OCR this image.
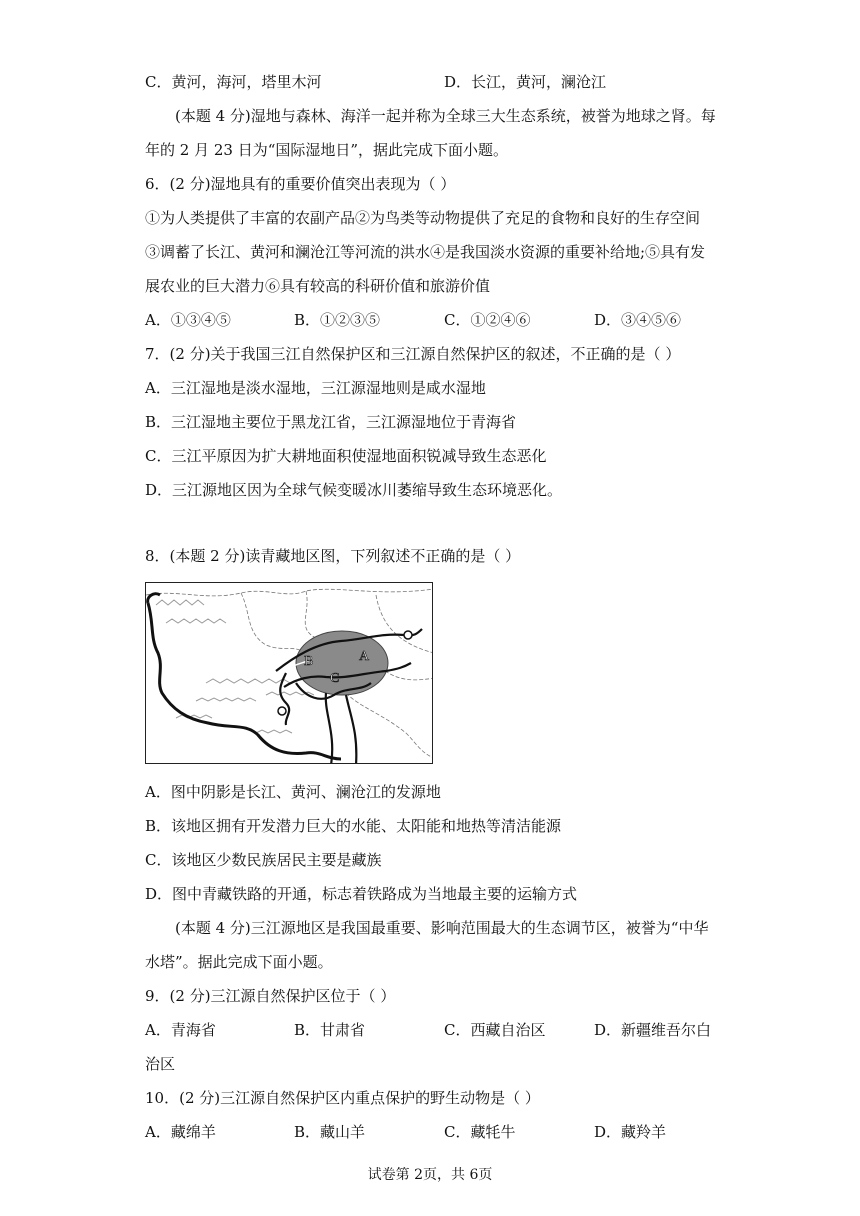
C．黄河，海河，塔里木河	D．长江，黄河，澜沧江
(本题 4 分)湿地与森林、海洋一起并称为全球三大生态系统，被誉为地球之肾。每
年的 2 月 23 日为“国际湿地日”，据此完成下面小题。
6．(2 分)湿地具有的重要价值突出表现为（ ）
①为人类提供了丰富的农副产品②为鸟类等动物提供了充足的食物和良好的生存空间
③调蓄了长江、黄河和澜沧江等河流的洪水④是我国淡水资源的重要补给地;⑤具有发
展农业的巨大潜力⑥具有较高的科研价值和旅游价值
A．①③④⑤	B．①②③⑤	C．①②④⑥	D．③④⑤⑥
7．(2 分)关于我国三江自然保护区和三江源自然保护区的叙述，不正确的是（ ）
A．三江湿地是淡水湿地，三江源湿地则是咸水湿地
B．三江湿地主要位于黑龙江省，三江源湿地位于青海省
C．三江平原因为扩大耕地面积使湿地面积锐减导致生态恶化
D．三江源地区因为全球气候变暖冰川萎缩导致生态环境恶化。
8．(本题 2 分)读青藏地区图，下列叙述不正确的是（ ）
A
B
C
A．图中阴影是长江、黄河、澜沧江的发源地
B．该地区拥有开发潜力巨大的水能、太阳能和地热等清洁能源
C．该地区少数民族居民主要是藏族
D．图中青藏铁路的开通，标志着铁路成为当地最主要的运输方式
(本题 4 分)三江源地区是我国最重要、影响范围最大的生态调节区，被誉为“中华
水塔”。据此完成下面小题。
9．(2 分)三江源自然保护区位于（ ）
A．青海省	B．甘肃省	C．西藏自治区	D．新疆维吾尔白
治区
10．(2 分)三江源自然保护区内重点保护的野生动物是（ ）
A．藏绵羊	B．藏山羊	C．藏牦牛	D．藏羚羊
试卷第 2页，共 6页
